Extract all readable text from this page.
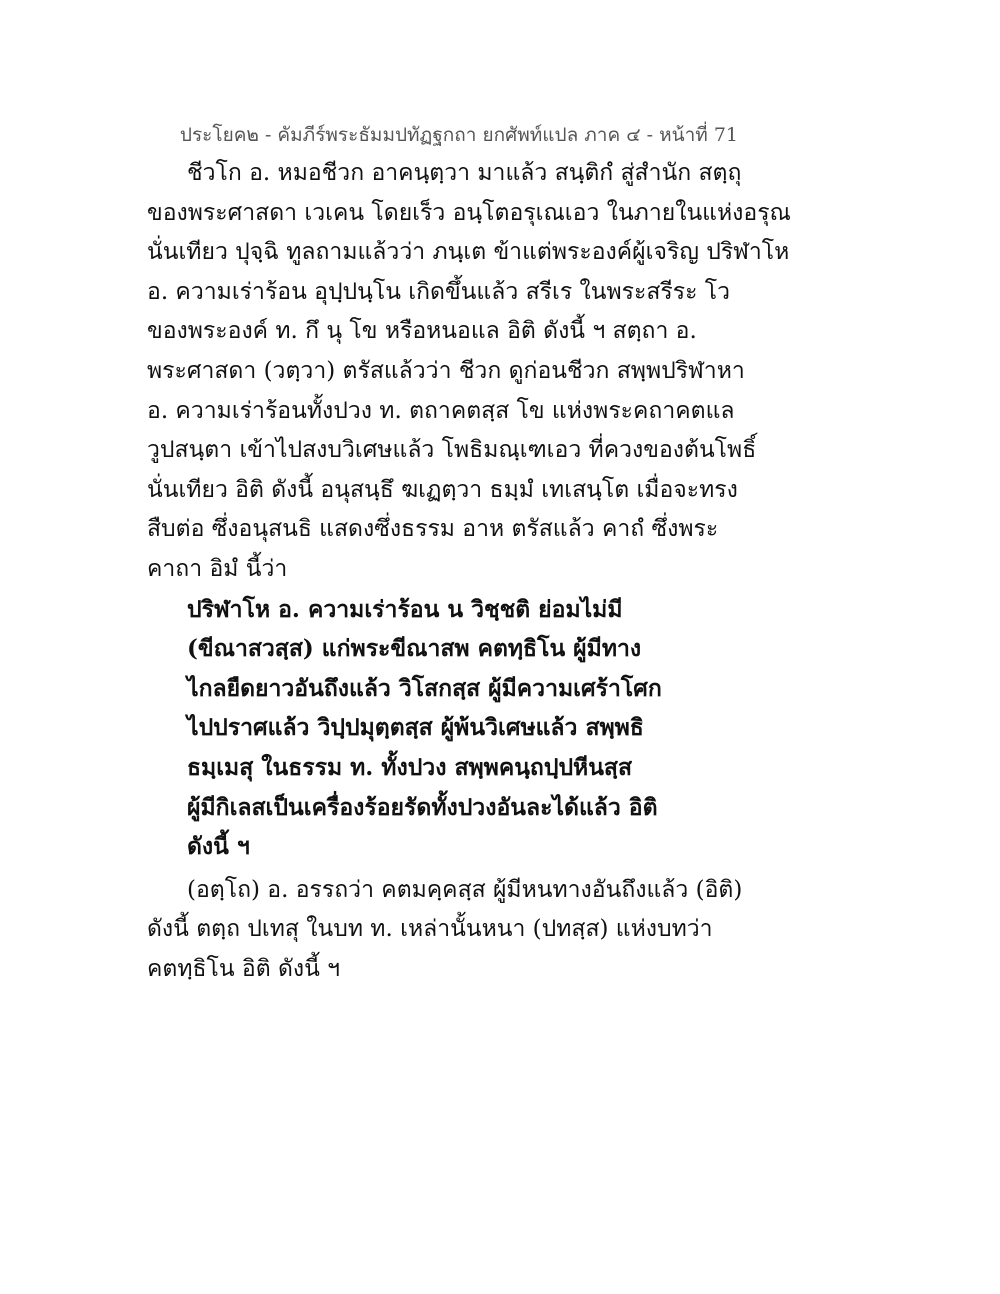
ประโยค๒ - คัมภีร์พระธัมมปทัฏฐกถา ยกศัพท์แปล ภาค ๔ - หน้าที่ 71
ชีวโก อ. หมอชีวก อาคนฺตฺวา มาแล้ว สนฺติกํ สู่สำนัก สตฺถุ
ของพระศาสดา เวเคน โดยเร็ว อนฺโตอรุเณเอว ในภายในแห่งอรุณ
นั่นเทียว ปุจฺฉิ ทูลถามแล้วว่า ภนฺเต ข้าแต่พระองค์ผู้เจริญ ปริฬาโห
อ. ความเร่าร้อน อุปฺปนฺโน เกิดขึ้นแล้ว สรีเร ในพระสรีระ โว
ของพระองค์ ท. กึ นุ โข หรือหนอแล อิติ ดังนี้ ฯ สตฺถา อ.
พระศาสดา (วตฺวา) ตรัสแล้วว่า ชีวก ดูก่อนชีวก สพฺพปริฬาหา
อ. ความเร่าร้อนทั้งปวง ท. ตถาคตสฺส โข แห่งพระคถาคตแล
วูปสนฺตา เข้าไปสงบวิเศษแล้ว โพธิมณฺเฑเอว ที่ควงของต้นโพธิ์
นั่นเทียว อิติ ดังนี้ อนุสนฺธึ ฆเฏตฺวา ธมฺมํ เทเสนฺโต เมื่อจะทรง
สืบต่อ ซึ่งอนุสนธิ แสดงซึ่งธรรม อาห ตรัสแล้ว คาถํ ซึ่งพระ
คาถา อิมํ นี้ว่า
ปริฬาโห อ. ความเร่าร้อน น วิชฺชติ ย่อมไม่มี
(ขีณาสวสฺส) แก่พระขีณาสพ คตทฺธิโน ผู้มีทาง
ไกลยืดยาวอันถึงแล้ว วิโสกสฺส ผู้มีความเศร้าโศก
ไปปราศแล้ว วิปฺปมุตฺตสฺส ผู้พ้นวิเศษแล้ว สพฺพธิ
ธมฺเมสุ ในธรรม ท. ทั้งปวง สพฺพคนฺถปฺปหีนสฺส
ผู้มีกิเลสเป็นเครื่องร้อยรัดทั้งปวงอันละได้แล้ว อิติ
ดังนี้ ฯ
(อตฺโถ) อ. อรรถว่า คตมคฺคสฺส ผู้มีหนทางอันถึงแล้ว (อิติ)
ดังนี้ ตตฺถ ปเทสุ ในบท ท. เหล่านั้นหนา (ปทสฺส) แห่งบทว่า
คตทฺธิโน อิติ ดังนี้ ฯ
